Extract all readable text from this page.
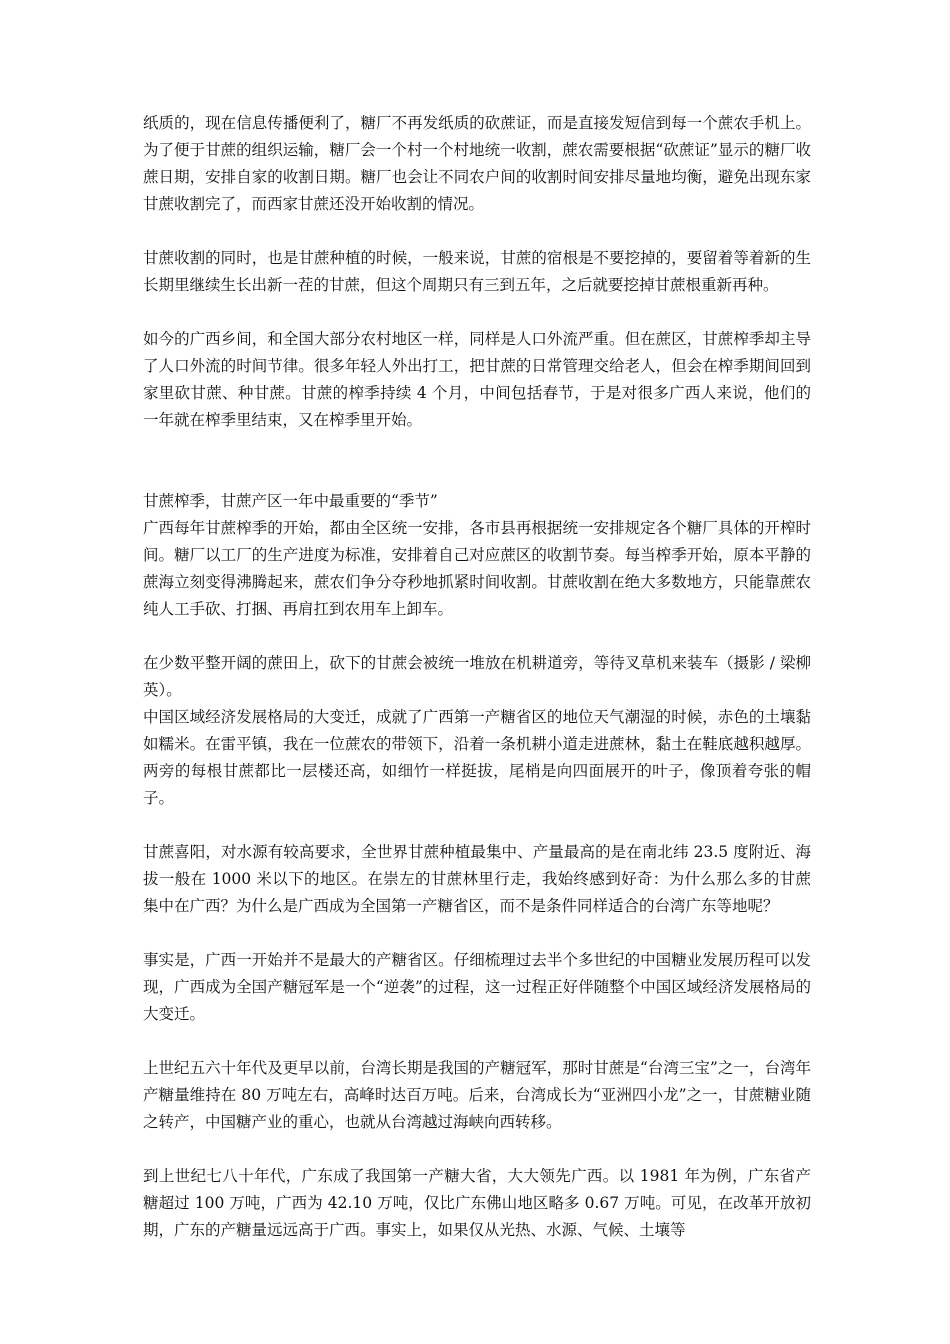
纸质的，现在信息传播便利了，糖厂不再发纸质的砍蔗证，而是直接发短信到每一个蔗农手机上。为了便于甘蔗的组织运输，糖厂会一个村一个村地统一收割，蔗农需要根据“砍蔗证”显示的糖厂收蔗日期，安排自家的收割日期。糖厂也会让不同农户间的收割时间安排尽量地均衡，避免出现东家甘蔗收割完了，而西家甘蔗还没开始收割的情况。

甘蔗收割的同时，也是甘蔗种植的时候，一般来说，甘蔗的宿根是不要挖掉的，要留着等着新的生长期里继续生长出新一茬的甘蔗，但这个周期只有三到五年，之后就要挖掉甘蔗根重新再种。

如今的广西乡间，和全国大部分农村地区一样，同样是人口外流严重。但在蔗区，甘蔗榨季却主导了人口外流的时间节律。很多年轻人外出打工，把甘蔗的日常管理交给老人，但会在榨季期间回到家里砍甘蔗、种甘蔗。甘蔗的榨季持续 4 个月，中间包括春节，于是对很多广西人来说，他们的一年就在榨季里结束，又在榨季里开始。

甘蔗榨季，甘蔗产区一年中最重要的“季节”

广西每年甘蔗榨季的开始，都由全区统一安排，各市县再根据统一安排规定各个糖厂具体的开榨时间。糖厂以工厂的生产进度为标准，安排着自己对应蔗区的收割节奏。每当榨季开始，原本平静的蔗海立刻变得沸腾起来，蔗农们争分夺秒地抓紧时间收割。甘蔗收割在绝大多数地方，只能靠蔗农纯人工手砍、打捆、再肩扛到农用车上卸车。

在少数平整开阔的蔗田上，砍下的甘蔗会被统一堆放在机耕道旁，等待叉草机来装车（摄影 / 梁柳英）。

中国区域经济发展格局的大变迁，成就了广西第一产糖省区的地位天气潮湿的时候，赤色的土壤黏如糯米。在雷平镇，我在一位蔗农的带领下，沿着一条机耕小道走进蔗林，黏土在鞋底越积越厚。两旁的每根甘蔗都比一层楼还高，如细竹一样挺拔，尾梢是向四面展开的叶子，像顶着夸张的帽子。

甘蔗喜阳，对水源有较高要求，全世界甘蔗种植最集中、产量最高的是在南北纬 23.5 度附近、海拔一般在 1000 米以下的地区。在崇左的甘蔗林里行走，我始终感到好奇：为什么那么多的甘蔗集中在广西？为什么是广西成为全国第一产糖省区，而不是条件同样适合的台湾广东等地呢？

事实是，广西一开始并不是最大的产糖省区。仔细梳理过去半个多世纪的中国糖业发展历程可以发现，广西成为全国产糖冠军是一个“逆袭”的过程，这一过程正好伴随整个中国区域经济发展格局的大变迁。

上世纪五六十年代及更早以前，台湾长期是我国的产糖冠军，那时甘蔗是“台湾三宝”之一，台湾年产糖量维持在 80 万吨左右，高峰时达百万吨。后来，台湾成长为“亚洲四小龙”之一，甘蔗糖业随之转产，中国糖产业的重心，也就从台湾越过海峡向西转移。

到上世纪七八十年代，广东成了我国第一产糖大省，大大领先广西。以 1981 年为例，广东省产糖超过 100 万吨，广西为 42.10 万吨，仅比广东佛山地区略多 0.67 万吨。可见，在改革开放初期，广东的产糖量远远高于广西。事实上，如果仅从光热、水源、气候、土壤等
